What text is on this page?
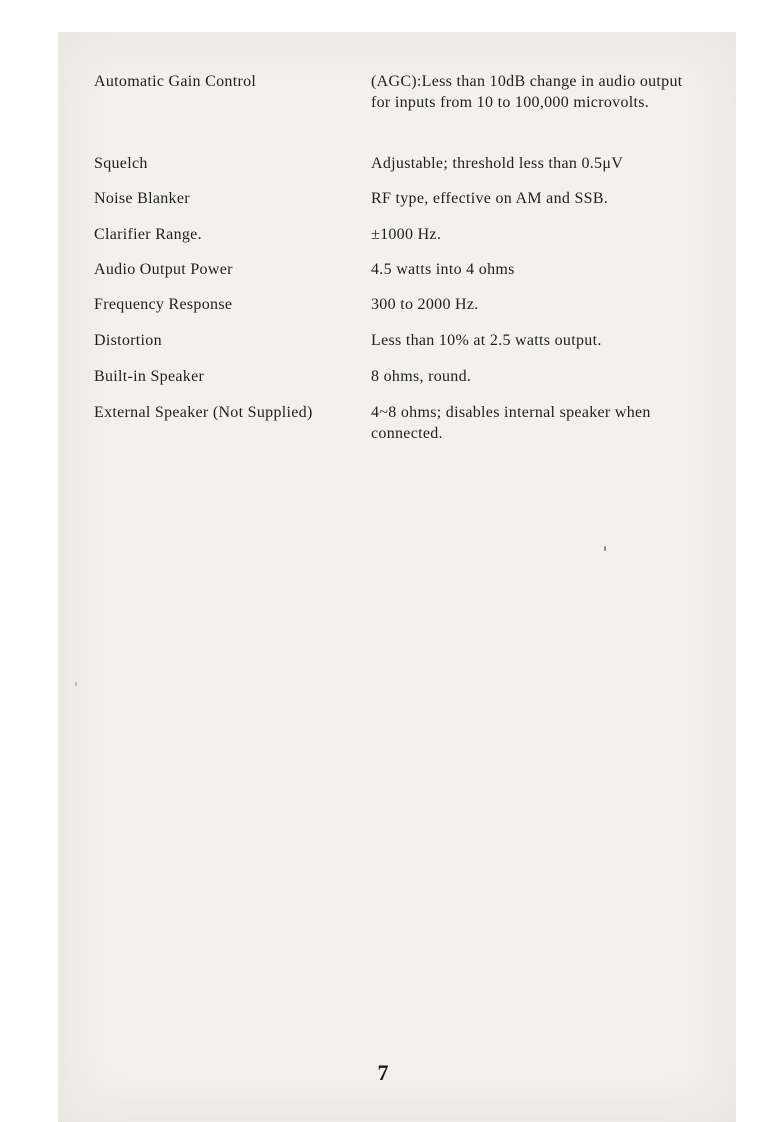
Automatic Gain Control	(AGC):Less than 10dB change in audio output for inputs from 10 to 100,000 microvolts.
Squelch	Adjustable; threshold less than 0.5μV
Noise Blanker	RF type, effective on AM and SSB.
Clarifier Range.	±1000 Hz.
Audio Output Power	4.5 watts into 4 ohms
Frequency Response	300 to 2000 Hz.
Distortion	Less than 10% at 2.5 watts output.
Built-in Speaker	8 ohms, round.
External Speaker (Not Supplied)	4~8 ohms; disables internal speaker when connected.
7
